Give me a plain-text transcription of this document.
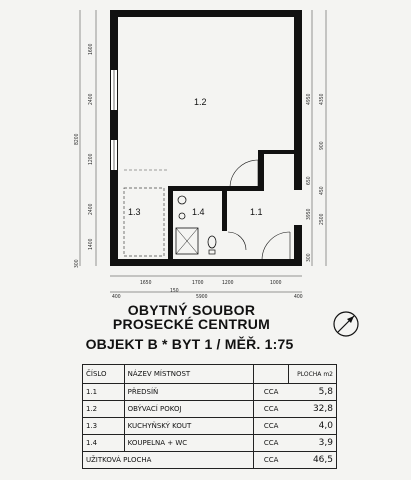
1.2
1.3	1.4	1.1
1600
2400
1200
2400
1400
8200
300
4950 4350
900
650
450
3950 2500
300
1650
150
1700	1200	1000
400	5900	400
OBYTNÝ SOUBOR
PROSECKÉ CENTRUM
OBJEKT B * BYT 1 / MĚŘ. 1:75
ČÍSLO	NÁZEV MÍSTNOST		PLOCHA m2
1.1	PŘEDSÍŇ	CCA	5,8
1.2	OBÝVACÍ POKOJ	CCA	32,8
1.3	KUCHYŇSKÝ KOUT	CCA	4,0
1.4	KOUPELNA + WC	CCA	3,9
UŽITKOVÁ PLOCHA		CCA	46,5
